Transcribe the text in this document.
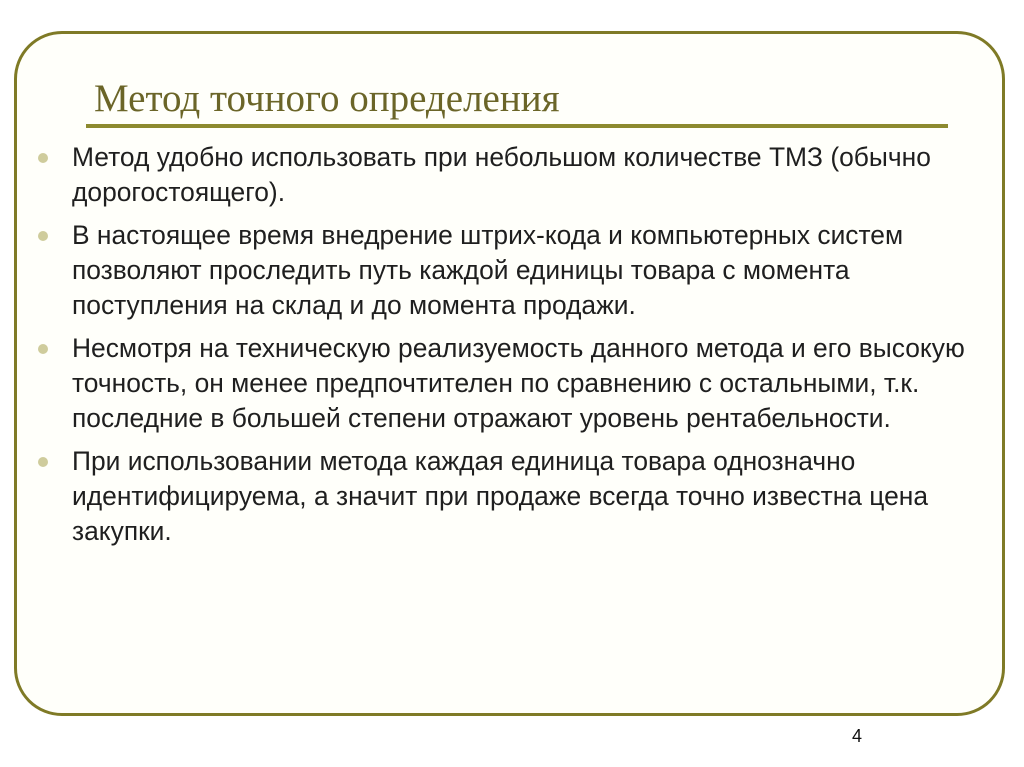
Метод точного определения
Метод удобно использовать при небольшом количестве ТМЗ (обычно дорогостоящего).
В настоящее время внедрение штрих-кода и компьютерных систем позволяют проследить путь каждой единицы товара с момента поступления на склад и до момента продажи.
Несмотря на техническую реализуемость данного метода и его высокую точность, он менее предпочтителен по сравнению с остальными, т.к. последние в большей степени отражают уровень рентабельности.
При использовании метода каждая единица товара однозначно идентифицируема, а значит при продаже всегда точно известна цена закупки.
4
